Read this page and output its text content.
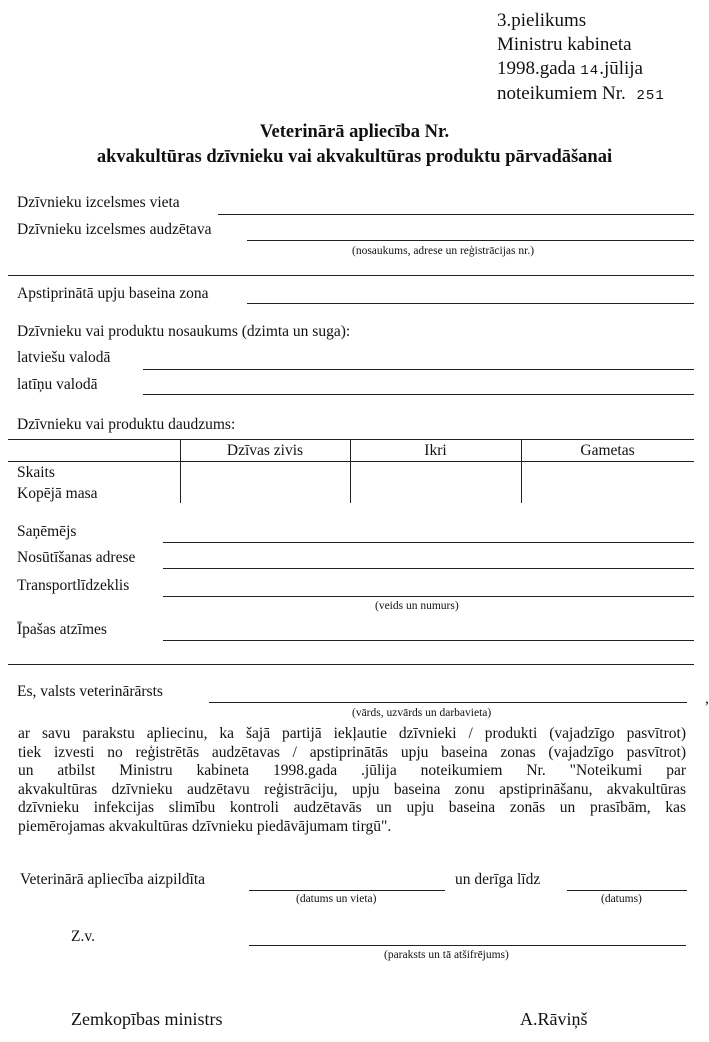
3.pielikums
Ministru kabineta
1998.gada 14.jūlija
noteikumiem Nr. 251
Veterinārā apliecība Nr.
akvakultūras dzīvnieku vai akvakultūras produktu pārvadāšanai
Dzīvnieku izcelsmes vieta
Dzīvnieku izcelsmes audzētava
(nosaukums, adrese un reģistrācijas nr.)
Apstiprinātā upju baseina zona
Dzīvnieku vai produktu nosaukums (dzimta un suga):
latviešu valodā
latīņu valodā
Dzīvnieku vai produktu daudzums:
Dzīvas zivis	Ikri	Gametas
Skaits
Kopējā masa
Saņēmējs
Nosūtīšanas adrese
Transportlīdzeklis
(veids un numurs)
Īpašas atzīmes
Es, valsts veterinārārsts	,
(vārds, uzvārds un darbavieta)

ar savu parakstu apliecinu, ka šajā partijā iekļautie dzīvnieki / produkti (vajadzīgo pasvītrot)

tiek izvesti no reģistrētās audzētavas / apstiprinātās upju baseina zonas (vajadzīgo pasvītrot)

un atbilst Ministru kabineta 1998.gada .jūlija noteikumiem Nr. "Noteikumi par

akvakultūras dzīvnieku audzētavu reģistrāciju, upju baseina zonu apstiprināšanu, akvakultūras

dzīvnieku infekcijas slimību kontroli audzētavās un upju baseina zonās un prasībām, kas

piemērojamas akvakultūras dzīvnieku piedāvājumam tirgū".

Veterinārā apliecība aizpildīta
(datums un vieta)
un derīga līdz
(datums)
Z.v.
(paraksts un tā atšifrējums)
Zemkopības ministrs	A.Rāviņš
